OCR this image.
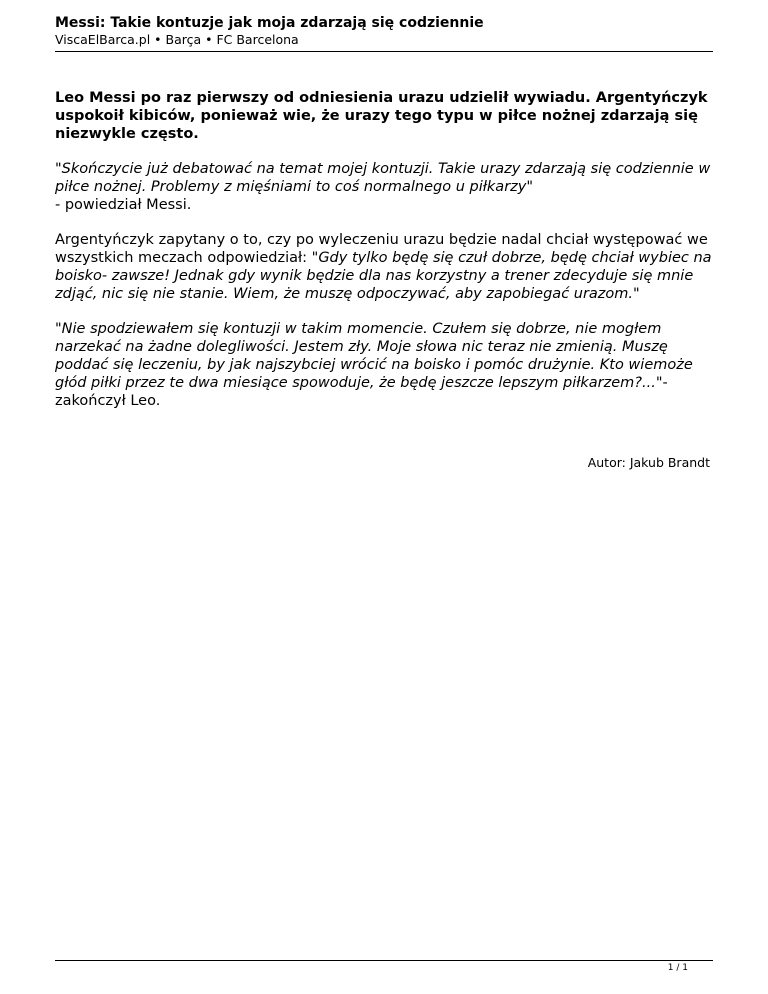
Messi: Takie kontuzje jak moja zdarzają się codziennie

ViscaElBarca.pl • Barça • FC Barcelona

Leo Messi po raz pierwszy od odniesienia urazu udzielił wywiadu. Argentyńczyk uspokoił kibiców, ponieważ wie, że urazy tego typu w piłce nożnej zdarzają się niezwykle często.

"Skończycie już debatować na temat mojej kontuzji. Takie urazy zdarzają się codziennie w piłce nożnej. Problemy z mięśniami to coś normalnego u piłkarzy"
- powiedział Messi.

Argentyńczyk zapytany o to, czy po wyleczeniu urazu będzie nadal chciał występować we wszystkich meczach odpowiedział: "Gdy tylko będę się czuł dobrze, będę chciał wybiec na boisko- zawsze! Jednak gdy wynik będzie dla nas korzystny a trener zdecyduje się mnie zdjąć, nic się nie stanie. Wiem, że muszę odpoczywać, aby zapobiegać urazom."

"Nie spodziewałem się kontuzji w takim momencie. Czułem się dobrze, nie mogłem narzekać na żadne dolegliwości. Jestem zły. Moje słowa nic teraz nie zmienią. Muszę poddać się leczeniu, by jak najszybciej wrócić na boisko i pomóc drużynie. Kto wiemoże głód piłki przez te dwa miesiące spowoduje, że będę jeszcze lepszym piłkarzem?..."- zakończył Leo.

Autor: Jakub Brandt
1 / 1
